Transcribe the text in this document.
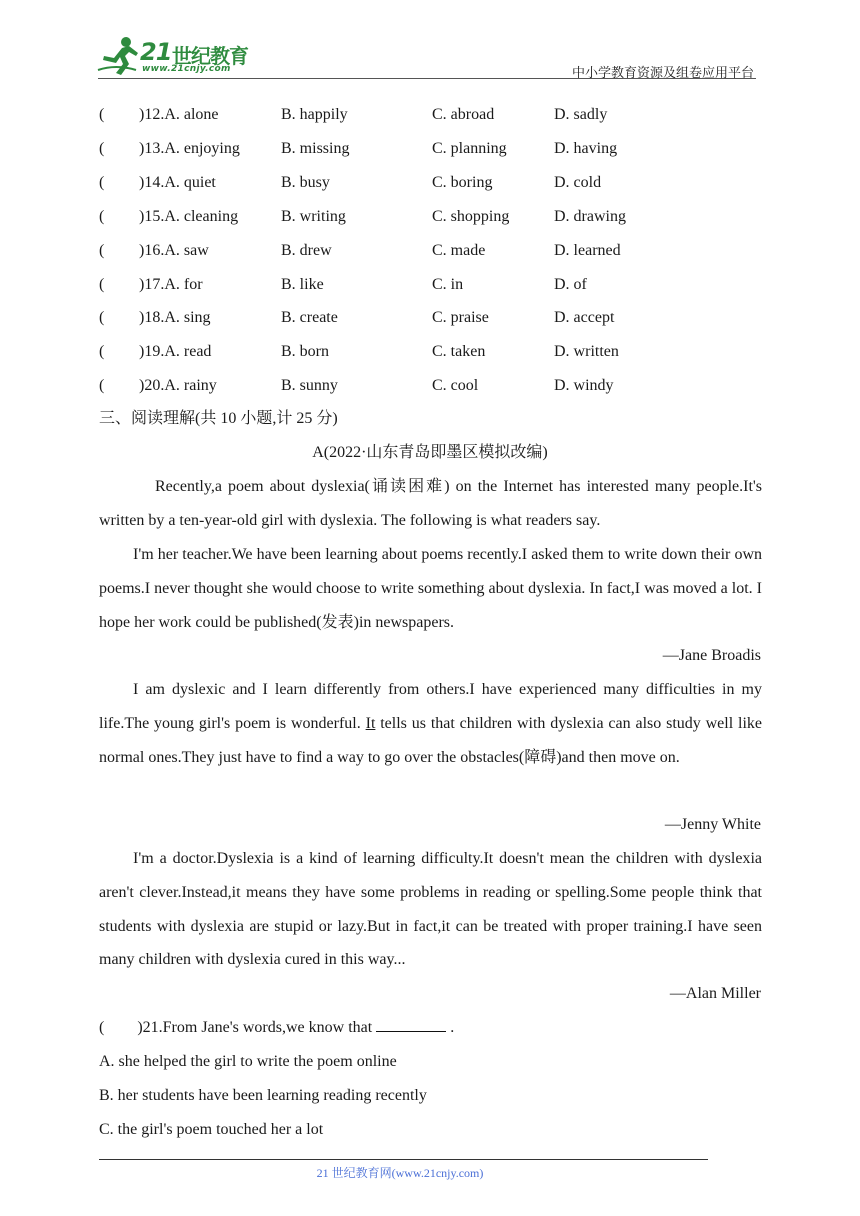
21 世纪教育
www.21cnjy.com	中小学教育资源及组卷应用平台
( )12.A. alone	B. happily	C. abroad	D. sadly
( )13.A. enjoying	B. missing	C. planning	D. having
( )14.A. quiet	B. busy	C. boring	D. cold
( )15.A. cleaning	B. writing	C. shopping	D. drawing
( )16.A. saw	B. drew	C. made	D. learned
( )17.A. for	B. like	C. in	D. of
( )18.A. sing	B. create	C. praise	D. accept
( )19.A. read	B. born	C. taken	D. written
( )20.A. rainy	B. sunny	C. cool	D. windy
三、阅读理解(共 10 小题,计 25 分)
A(2022·山东青岛即墨区模拟改编)

Recently,a poem about dyslexia(诵读困难) on the Internet has interested many people.It's written by a ten-year-old girl with dyslexia. The following is what readers say.

I'm her teacher.We have been learning about poems recently.I asked them to write down their own poems.I never thought she would choose to write something about dyslexia. In fact,I was moved a lot. I hope her work could be published(发表)in newspapers.

—Jane Broadis

I am dyslexic and I learn differently from others.I have experienced many difficulties in my life.The young girl's poem is wonderful. It tells us that children with dyslexia can also study well like normal ones.They just have to find a way to go over the obstacles(障碍)and then move on.

—Jenny White

I'm a doctor.Dyslexia is a kind of learning difficulty.It doesn't mean the children with dyslexia aren't clever.Instead,it means they have some problems in reading or spelling.Some people think that students with dyslexia are stupid or lazy.But in fact,it can be treated with proper training.I have seen many children with dyslexia cured in this way...

—Alan Miller
( )21.From Jane's words,we know that	.
A. she helped the girl to write the poem online
B. her students have been learning reading recently
C. the girl's poem touched her a lot
21 世纪教育网(www.21cnjy.com)
